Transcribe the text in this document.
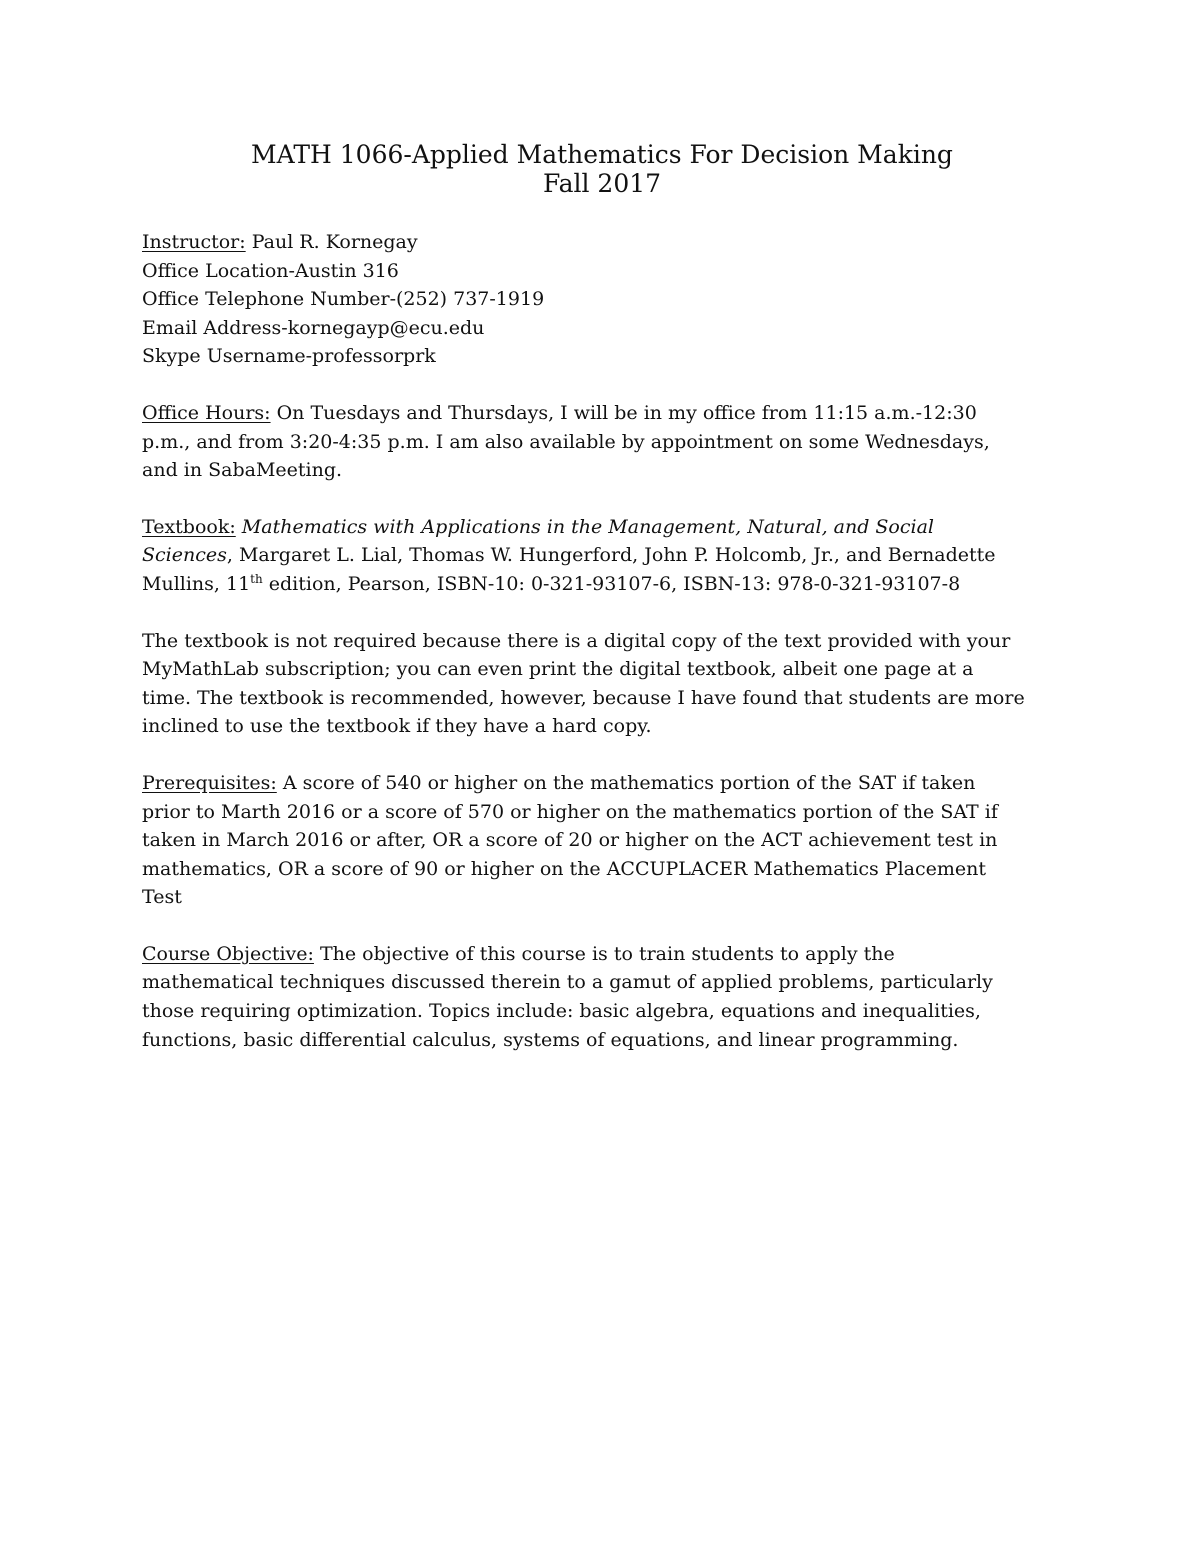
MATH 1066-Applied Mathematics For Decision Making
Fall 2017
Instructor: Paul R. Kornegay
Office Location-Austin 316
Office Telephone Number-(252) 737-1919
Email Address-kornegayp@ecu.edu
Skype Username-professorprk
Office Hours: On Tuesdays and Thursdays, I will be in my office from 11:15 a.m.-12:30
p.m., and from 3:20-4:35 p.m. I am also available by appointment on some Wednesdays,
and in SabaMeeting.
Textbook: Mathematics with Applications in the Management, Natural, and Social
Sciences, Margaret L. Lial, Thomas W. Hungerford, John P. Holcomb, Jr., and Bernadette
Mullins, 11th edition, Pearson, ISBN-10: 0-321-93107-6, ISBN-13: 978-0-321-93107-8
The textbook is not required because there is a digital copy of the text provided with your
MyMathLab subscription; you can even print the digital textbook, albeit one page at a
time. The textbook is recommended, however, because I have found that students are more
inclined to use the textbook if they have a hard copy.
Prerequisites: A score of 540 or higher on the mathematics portion of the SAT if taken
prior to Marth 2016 or a score of 570 or higher on the mathematics portion of the SAT if
taken in March 2016 or after, OR a score of 20 or higher on the ACT achievement test in
mathematics, OR a score of 90 or higher on the ACCUPLACER Mathematics Placement
Test
Course Objective: The objective of this course is to train students to apply the
mathematical techniques discussed therein to a gamut of applied problems, particularly
those requiring optimization. Topics include: basic algebra, equations and inequalities,
functions, basic differential calculus, systems of equations, and linear programming.
